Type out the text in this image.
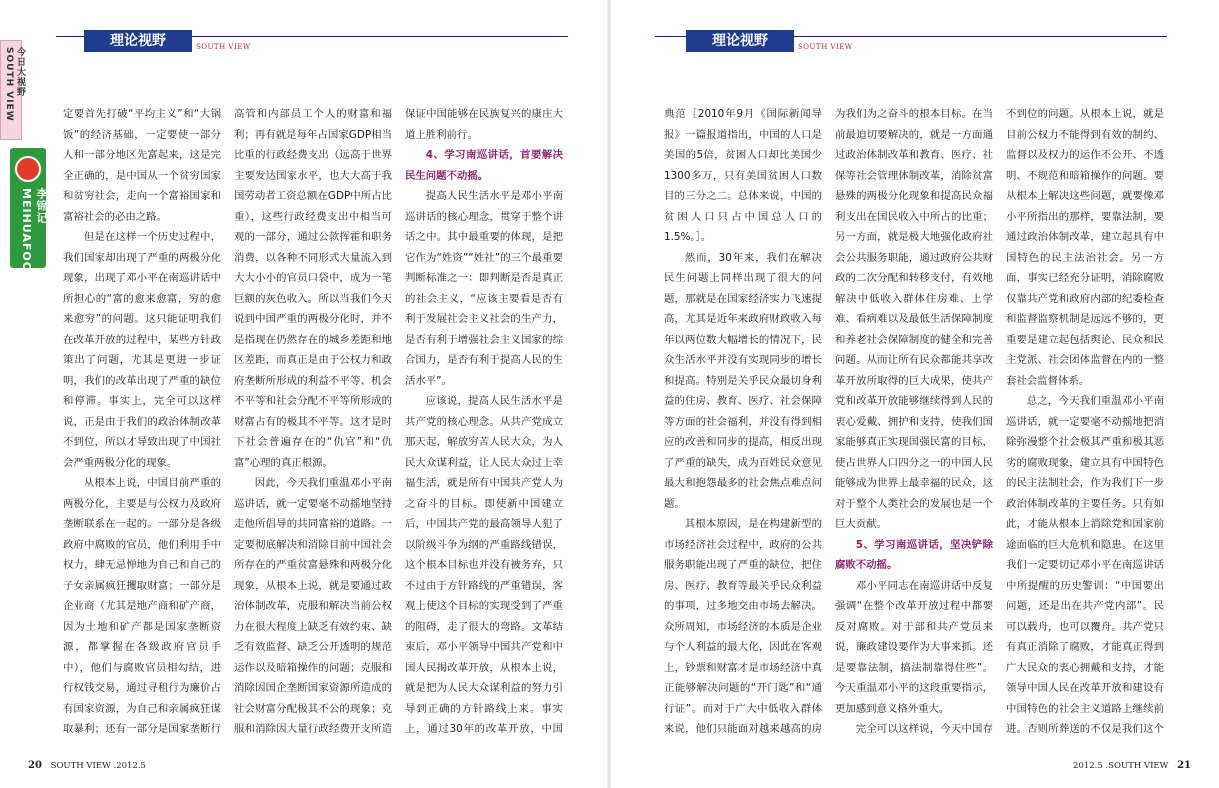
今日大视野 SOUTH VIEW
李锦记 MEIHUAFOOD
理论视野	SOUTH VIEW

定要首先打破“平均主义”和“大锅饭”的经济基础，一定要使一部分人和一部分地区先富起来，这是完全正确的，是中国从一个贫穷国家和贫穷社会，走向一个富裕国家和富裕社会的必由之路。

但是在这样一个历史过程中，我们国家却出现了严重的两极分化现象，出现了邓小平在南巡讲话中所担心的“富的愈来愈富，穷的愈来愈穷”的问题。这只能证明我们在改革开放的过程中，某些方针政策出了问题，尤其是更进一步证明，我们的改革出现了严重的缺位和停滞。事实上，完全可以这样说，正是由于我们的政治体制改革不到位，所以才导致出现了中国社会严重两极分化的现象。

从根本上说，中国目前严重的两极分化，主要是与公权力及政府垄断联系在一起的。一部分是各级政府中腐败的官员，他们利用手中权力，肆无忌惮地为自己和自己的子女亲属疯狂攫取财富；一部分是企业商（尤其是地产商和矿产商，因为土地和矿产都是国家垄断资源，都掌握在各级政府官员手中），他们与腐败官员相勾结，进行权钱交易，通过寻租行为廉价占有国家资源，为自己和亲属疯狂谋取暴利；还有一部分是国家垄断行

高管和内部员工个人的财富和福利；再有就是每年占国家GDP相当比重的行政经费支出（远高于世界主要发达国家水平，也大大高于我国劳动者工资总额在GDP中所占比重），这些行政经费支出中相当可观的一部分，通过公款挥霍和职务消费，以各种不同形式大量流入到大大小小的官员口袋中，成为一笔巨额的灰色收入。所以当我们今天说到中国严重的两极分化时，并不是指现在仍然存在的城乡差距和地区差距，而真正是由于公权力和政府垄断所形成的利益不平等、机会不平等和社会分配不平等所形成的财富占有的极其不平等。这才是时下社会普遍存在的“仇官”和“仇富”心理的真正根源。

因此，今天我们重温邓小平南巡讲话，就一定要毫不动摇地坚持走他所倡导的共同富裕的道路。一定要彻底解决和消除目前中国社会所存在的严重贫富悬殊和两极分化现象，从根本上说，就是要通过政治体制改革，克服和解决当前公权力在很大程度上缺乏有效约束、缺乏有效监督、缺乏公开透明的规范运作以及暗箱操作的问题；克服和消除因国企垄断国家资源所造成的社会财富分配极其不公的现象；克服和消除因大量行政经费开支所造

保证中国能够在民族复兴的康庄大道上胜利前行。

4、学习南巡讲话，首要解决民生问题不动摇。

提高人民生活水平是邓小平南巡讲话的核心理念，贯穿于整个讲话之中。其中最重要的体现，是把它作为“姓资”“姓社”的三个最重要判断标准之一：即判断是否是真正的社会主义，“应该主要看是否有利于发展社会主义社会的生产力，是否有利于增强社会主义国家的综合国力，是否有利于提高人民的生活水平”。

应该说，提高人民生活水平是共产党的核心理念。从共产党成立那天起，解放穷苦人民大众，为人民大众谋利益，让人民大众过上幸福生活，就是所有中国共产党人为之奋斗的目标。即使新中国建立后，中国共产党的最高领导人犯了以阶级斗争为纲的严重路线错误，这个根本目标也并没有被务弃，只不过由于方针路线的严重错误，客观上使这个目标的实现受到了严重的阻碍，走了很大的弯路。文革结束后，邓小平领导中国共产党和中国人民揭改革开放，从根本上说，就是把为人民大众谋利益的努力引导到正确的方针路线上来。事实上，通过30年的改革开放，中国

20 SOUTH VIEW .2012.5
理论视野	SOUTH VIEW

典范［2010年9月《国际新闻导报》一篇报道指出，中国的人口是美国的5倍，贫困人口却比美国少1300多万，只有美国贫困人口数目的三分之二。总体来说，中国的贫困人口只占中国总人口的1.5%。］。

然而，30年来，我们在解决民生问题上同样出现了很大的问题，那就是在国家经济实力飞速提高，尤其是近年来政府财政收入每年以两位数大幅增长的情况下，民众生活水平并没有实现同步的增长和提高。特别是关乎民众最切身利益的住房、教育、医疗、社会保障等方面的社会福利，并没有得到相应的改善和同步的提高，相反出现了严重的缺失，成为百姓民众意见最大和抱怨最多的社会焦点难点问题。

其根本原因，是在构建新型的市场经济社会过程中，政府的公共服务职能出现了严重的缺位，把住房、医疗、教育等最关乎民众利益的事项，过多地交由市场去解决。众所周知，市场经济的本质是企业与个人利益的最大化，因此在客观上，钞票和财富才是市场经济中真正能够解决问题的“开门匙”和“通行证”。而对于广大中低收入群体来说，他们只能面对越来越高的房

为我们为之奋斗的根本目标。在当前最迫切要解决的，就是一方面通过政治体制改革和教育、医疗、社保等社会管理体制改革，消除贫富悬殊的两极分化现象和提高民众福利支出在国民收入中所占的比重；另一方面，就是极大地强化政府社会公共服务职能，通过政府公共财政的二次分配和转移支付，有效地解决中低收入群体住房难、上学难、看病难以及最低生活保障制度和养老社会保障制度的健全和完善问题。从而让所有民众都能共享改革开放所取得的巨大成果，使共产党和改革开放能够继续得到人民的衷心爱戴、拥护和支持，使我们国家能够真正实现国强民富的目标，使占世界人口四分之一的中国人民能够成为世界上最幸福的民众，这对于整个人类社会的发展也是一个巨大贡献。

5、学习南巡讲话，坚决铲除腐败不动摇。

邓小平同志在南巡讲话中反复强调“在整个改革开放过程中都要反对腐败。对干部和共产党员来说，廉政建设要作为大事来抓。还是要靠法制，搞法制靠得住些”。今天重温邓小平的这段重要指示，更加感到意义格外重大。

完全可以这样说，今天中国存

不到位的问题。从根本上说，就是目前公权力不能得到有效的制约、监督以及权力的运作不公开、不透明、不规范和暗箱操作的问题。要从根本上解决这些问题，就要像邓小平所指出的那样，要靠法制，要通过政治体制改革，建立起具有中国特色的民主法治社会。另一方面，事实已经充分证明，消除腐败仅靠共产党和政府内部的纪委检查和监督监察机制是远远不够的，更重要是建立起包括舆论、民众和民主党派、社会团体监督在内的一整套社会监督体系。

总之，今天我们重温邓小平南巡讲话，就一定要毫不动摇地把消除弥漫整个社会极其严重和极其恶劣的腐败现象，建立具有中国特色的民主法制社会，作为我们下一步政治体制改革的主要任务。只有如此，才能从根本上消除党和国家前途面临的巨大危机和隐患。在这里我们一定要切记邓小平在南巡讲话中所提醒的历史警训：“中国要出问题，还是出在共产党内部”。民可以载舟，也可以覆舟。共产党只有真正消除了腐败，才能真正得到广大民众的衷心拥戴和支持，才能领导中国人民在改革开放和建设有中国特色的社会主义道路上继续前进。否则所葬送的不仅是我们这个

2012.5 .SOUTH VIEW 21
